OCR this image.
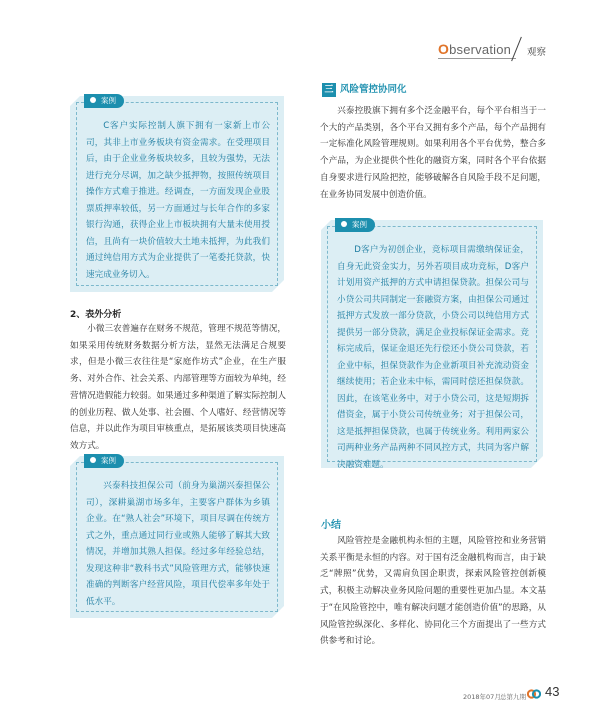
Observation 观察
案例

C客户实际控制人旗下拥有一家新上市公司，其非上市业务板块有资金需求。在受理项目后，由于企业业务板块较多，且较为强势，无法进行充分尽调，加之缺少抵押物，按照传统项目操作方式难于推进。经调查，一方面发现企业股票质押率较低，另一方面通过与长年合作的多家银行沟通，获得企业上市板块拥有大量未使用授信，且尚有一块价值较大土地未抵押，为此我们通过纯信用方式为企业提供了一笔委托贷款，快速完成业务切入。

2、表外分析

小微三农普遍存在财务不规范，管理不规范等情况，如果采用传统财务数据分析方法，显然无法满足合规要求，但是小微三农往往是“家庭作坊式”企业，在生产服务、对外合作、社会关系、内部管理等方面较为单纯，经营情况造假能力较弱。如果通过多种渠道了解实际控制人的创业历程、做人处事、社会圈、个人嗜好、经营情况等信息，并以此作为项目审核重点，是拓展该类项目快速高效方式。

案例

兴泰科技担保公司（前身为巢湖兴泰担保公司），深耕巢湖市场多年，主要客户群体为乡镇企业。在“熟人社会”环境下，项目尽调在传统方式之外，重点通过同行业或熟人能够了解其大致情况，并增加其熟人担保。经过多年经验总结，发现这种非“教科书式”风险管理方式，能够快速准确的判断客户经营风险，项目代偿率多年处于低水平。

三 风险管控协同化

兴泰控股旗下拥有多个泛金融平台，每个平台相当于一个大的产品类别，各个平台又拥有多个产品，每个产品拥有一定标准化风险管理规则。如果利用各个平台优势，整合多个产品，为企业提供个性化的融资方案，同时各个平台依据自身要求进行风险把控，能够破解各自风险手段不足问题，在业务协同发展中创造价值。

案例

D客户为初创企业，竞标项目需缴纳保证金，自身无此资金实力，另外若项目成功竞标，D客户计划用资产抵押的方式申请担保贷款。担保公司与小贷公司共同制定一套融资方案，由担保公司通过抵押方式发放一部分贷款，小贷公司以纯信用方式提供另一部分贷款，满足企业投标保证金需求。竞标完成后，保证金退还先行偿还小贷公司贷款，若企业中标，担保贷款作为企业新项目补充流动资金继续使用；若企业未中标，需同时偿还担保贷款。因此，在该笔业务中，对于小贷公司，这是短期拆借资金，属于小贷公司传统业务；对于担保公司，这是抵押担保贷款，也属于传统业务。利用两家公司两种业务产品两种不同风控方式，共同为客户解决融资难题。

小结

风险管控是金融机构永恒的主题，风险管控和业务营销关系平衡是永恒的内容。对于国有泛金融机构而言，由于缺乏“牌照”优势，又需肩负国企职责，探索风险管控创新模式，积极主动解决业务风险问题的重要性更加凸显。本文基于“在风险管控中，唯有解决问题才能创造价值”的思路，从风险管控纵深化、多样化、协同化三个方面提出了一些方式供参考和讨论。

2018年07月 总第九期 43
